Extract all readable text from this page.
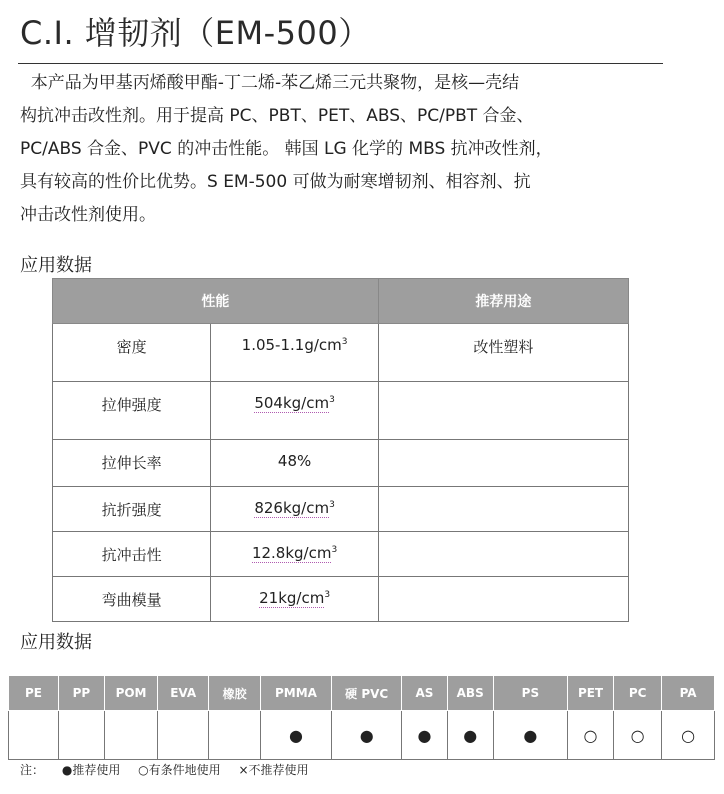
C.I. 增韧剂（EM-500）
本产品为甲基丙烯酸甲酯-丁二烯-苯乙烯三元共聚物，是核—壳结
构抗冲击改性剂。用于提高 PC、PBT、PET、ABS、PC/PBT 合金、
PC/ABS 合金、PVC 的冲击性能。 韩国 LG 化学的 MBS 抗冲改性剂，
具有较高的性价比优势。S EM-500 可做为耐寒增韧剂、相容剂、抗
冲击改性剂使用。
应用数据
性能		推荐用途
密度	$1.05-1.1g/cm^3$	改性塑料
拉伸强度	$504kg/cm^3$	
拉伸长率	48%	
抗折强度	$826kg/cm^3$	
抗冲击性	$12.8kg/cm^3$	
弯曲模量	$21kg/cm^3$	
应用数据
PE	PP	POM	EVA	橡胶	PMMA	硬 PVC	AS	ABS	PS	PET	PC	PA
					●	●	●	●	●	○	○	○
注： ●推荐使用 ○有条件地使用 ×不推荐使用
